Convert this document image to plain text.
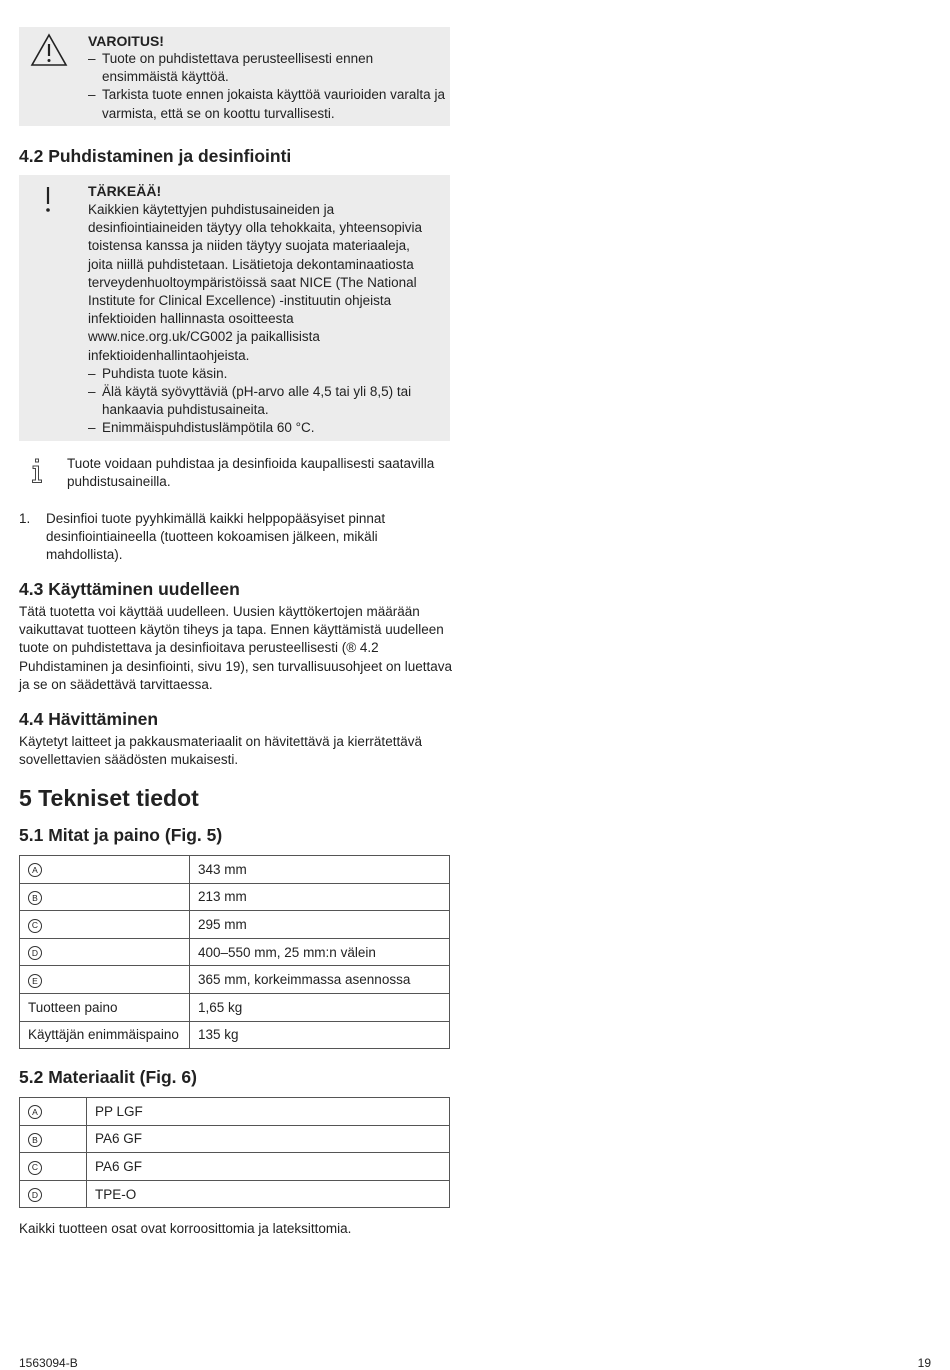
VAROITUS!
– Tuote on puhdistettava perusteellisesti ennen ensimmäistä käyttöä.
– Tarkista tuote ennen jokaista käyttöä vaurioiden varalta ja varmista, että se on koottu turvallisesti.
4.2 Puhdistaminen ja desinfiointi
TÄRKEÄÄ!
Kaikkien käytettyjen puhdistusaineiden ja desinfiointiaineiden täytyy olla tehokkaita, yhteensopivia toistensa kanssa ja niiden täytyy suojata materiaaleja, joita niillä puhdistetaan. Lisätietoja dekontaminaatiosta terveydenhuoltoympäristöissä saat NICE (The National Institute for Clinical Excellence) -instituutin ohjeista infektioiden hallinnasta osoitteesta www.nice.org.uk/CG002 ja paikallisista infektioidenhallintaohjeista.
– Puhdista tuote käsin.
– Älä käytä syövyttäviä (pH-arvo alle 4,5 tai yli 8,5) tai hankaavia puhdistusaineita.
– Enimmäispuhdistuslämpötila 60 °C.
Tuote voidaan puhdistaa ja desinfioida kaupallisesti saatavilla puhdistusaineilla.
1.	Desinfioi tuote pyyhkimällä kaikki helppopääsyiset pinnat desinfiointiaineella (tuotteen kokoamisen jälkeen, mikäli mahdollista).
4.3 Käyttäminen uudelleen
Tätä tuotetta voi käyttää uudelleen. Uusien käyttökertojen määrään vaikuttavat tuotteen käytön tiheys ja tapa. Ennen käyttämistä uudelleen tuote on puhdistettava ja desinfioitava perusteellisesti (® 4.2 Puhdistaminen ja desinfiointi, sivu 19), sen turvallisuusohjeet on luettava ja se on säädettävä tarvittaessa.
4.4 Hävittäminen
Käytetyt laitteet ja pakkausmateriaalit on hävitettävä ja kierrätettävä sovellettavien säädösten mukaisesti.
5 Tekniset tiedot
5.1 Mitat ja paino (Fig. 5)
A	343 mm
B	213 mm
C	295 mm
D	400–550 mm, 25 mm:n välein
E	365 mm, korkeimmassa asennossa
Tuotteen paino	1,65 kg
Käyttäjän enimmäispaino	135 kg
5.2 Materiaalit (Fig. 6)
A	PP LGF
B	PA6 GF
C	PA6 GF
D	TPE-O
Kaikki tuotteen osat ovat korroosittomia ja lateksittomia.
1563094-B	19
